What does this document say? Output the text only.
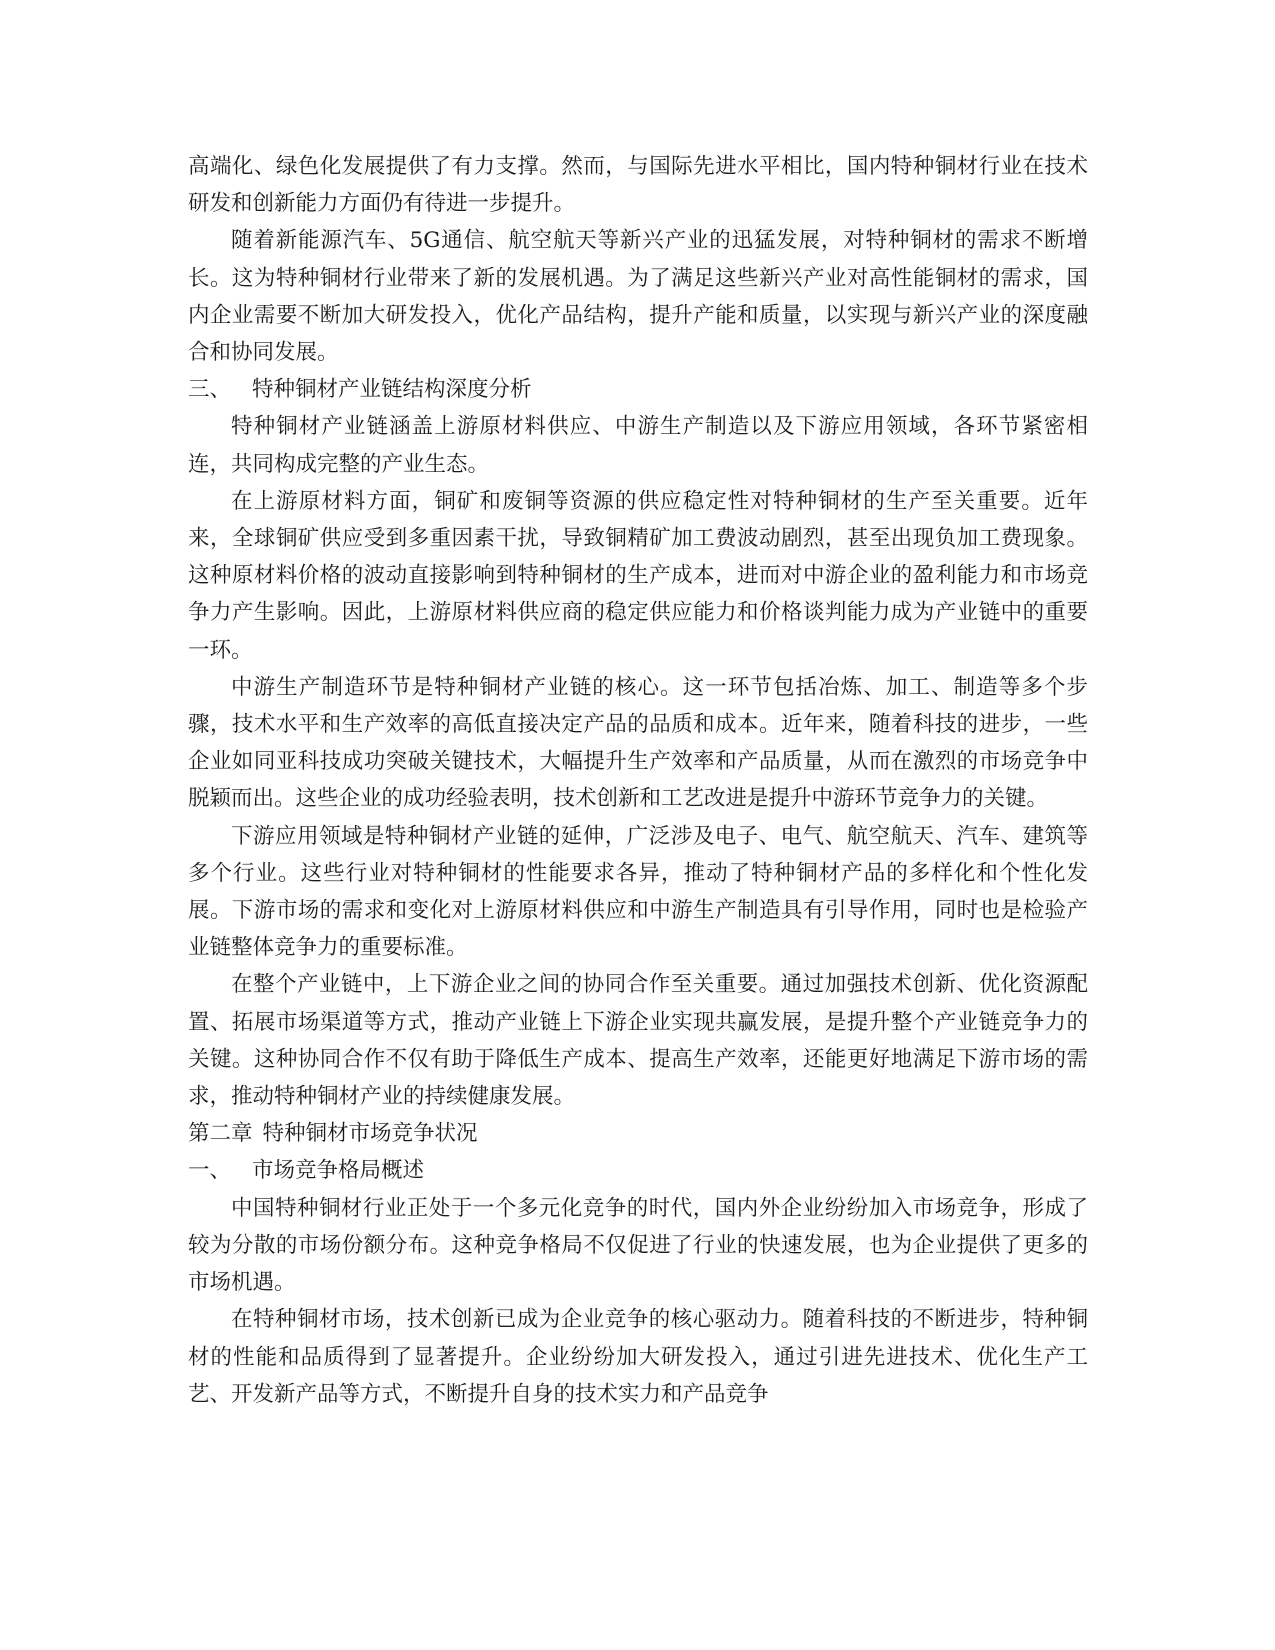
高端化、绿色化发展提供了有力支撑。然而，与国际先进水平相比，国内特种铜材行业在技术研发和创新能力方面仍有待进一步提升。

随着新能源汽车、5G通信、航空航天等新兴产业的迅猛发展，对特种铜材的需求不断增长。这为特种铜材行业带来了新的发展机遇。为了满足这些新兴产业对高性能铜材的需求，国内企业需要不断加大研发投入，优化产品结构，提升产能和质量，以实现与新兴产业的深度融合和协同发展。

三、 特种铜材产业链结构深度分析

特种铜材产业链涵盖上游原材料供应、中游生产制造以及下游应用领域，各环节紧密相连，共同构成完整的产业生态。

在上游原材料方面，铜矿和废铜等资源的供应稳定性对特种铜材的生产至关重要。近年来，全球铜矿供应受到多重因素干扰，导致铜精矿加工费波动剧烈，甚至出现负加工费现象。这种原材料价格的波动直接影响到特种铜材的生产成本，进而对中游企业的盈利能力和市场竞争力产生影响。因此，上游原材料供应商的稳定供应能力和价格谈判能力成为产业链中的重要一环。

中游生产制造环节是特种铜材产业链的核心。这一环节包括冶炼、加工、制造等多个步骤，技术水平和生产效率的高低直接决定产品的品质和成本。近年来，随着科技的进步，一些企业如同亚科技成功突破关键技术，大幅提升生产效率和产品质量，从而在激烈的市场竞争中脱颖而出。这些企业的成功经验表明，技术创新和工艺改进是提升中游环节竞争力的关键。

下游应用领域是特种铜材产业链的延伸，广泛涉及电子、电气、航空航天、汽车、建筑等多个行业。这些行业对特种铜材的性能要求各异，推动了特种铜材产品的多样化和个性化发展。下游市场的需求和变化对上游原材料供应和中游生产制造具有引导作用，同时也是检验产业链整体竞争力的重要标准。

在整个产业链中，上下游企业之间的协同合作至关重要。通过加强技术创新、优化资源配置、拓展市场渠道等方式，推动产业链上下游企业实现共赢发展，是提升整个产业链竞争力的关键。这种协同合作不仅有助于降低生产成本、提高生产效率，还能更好地满足下游市场的需求，推动特种铜材产业的持续健康发展。

第二章 特种铜材市场竞争状况

一、 市场竞争格局概述

中国特种铜材行业正处于一个多元化竞争的时代，国内外企业纷纷加入市场竞争，形成了较为分散的市场份额分布。这种竞争格局不仅促进了行业的快速发展，也为企业提供了更多的市场机遇。

在特种铜材市场，技术创新已成为企业竞争的核心驱动力。随着科技的不断进步，特种铜材的性能和品质得到了显著提升。企业纷纷加大研发投入，通过引进先进技术、优化生产工艺、开发新产品等方式，不断提升自身的技术实力和产品竞争
